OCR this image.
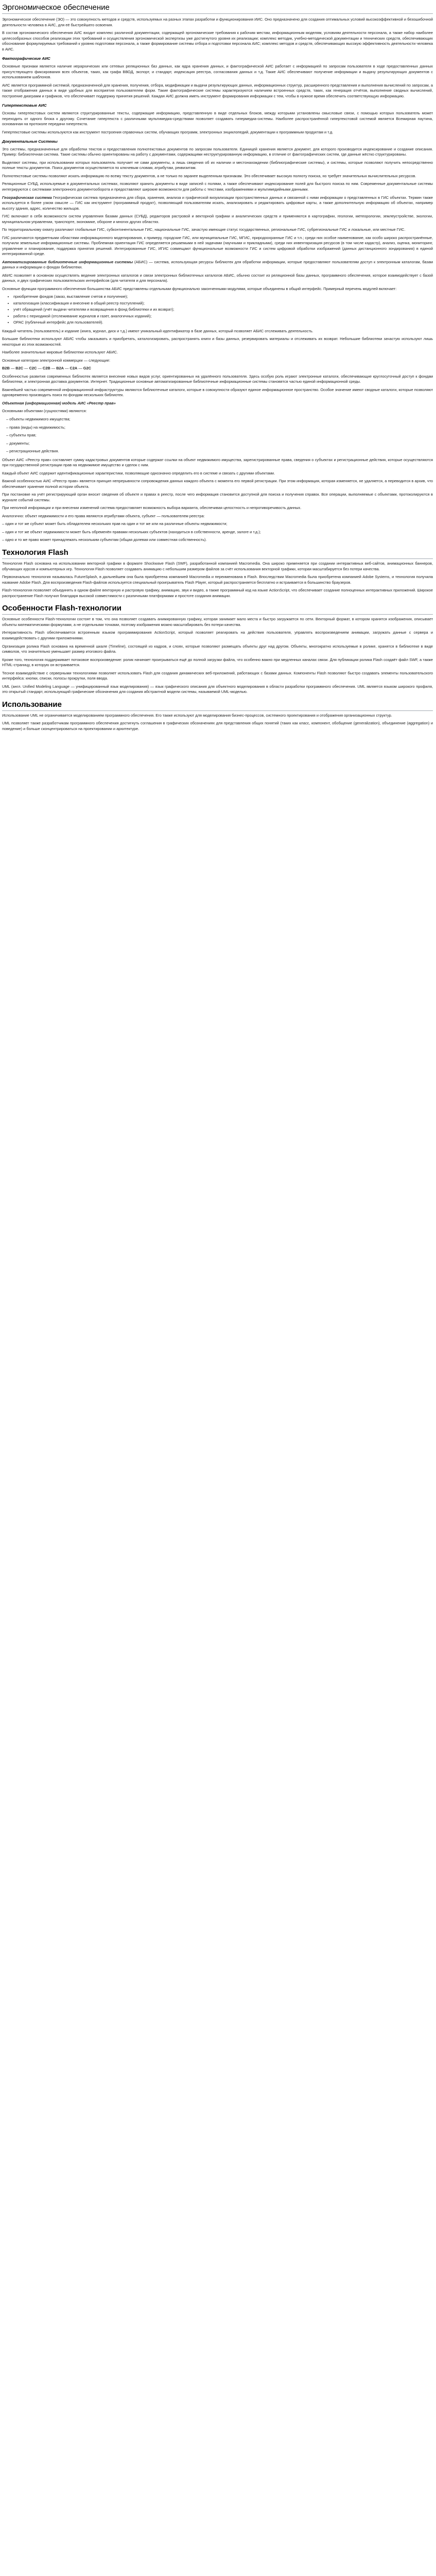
Эргономическое обеспечение

Эргономическое обеспечение (ЭО) — это совокупность методов и средств, используемых на разных этапах разработки и функционирования ИИС. Оно предназначено для создания оптимальных условий высокоэффективной и безошибочной деятельности человека в АИС, для её быстрейшего освоения.

В состав эргономического обеспечения АИС входит комплекс различной документации, содержащей эргономические требования к рабочим местам, информационным моделям, условиям деятельности персонала, а также набор наиболее целесообразных способов реализации этих требований и осуществления эргономической экспертизы уже достигнутого уровня их реализации; комплекс методик, учебно-методической документации и технических средств, обеспечивающих обоснование формулируемых требований к уровню подготовки персонала, а также формирование системы отбора и подготовки персонала АИС; комплекс методов и средств, обеспечивающих высокую эффективность деятельности человека в АИС.

Фактографические АИС

Основные признаки является наличие иерархических или сетевых реляционных баз данных, как ядра хранения данных, и фактографической АИС работает с информацией по запросам пользователя в ходе предоставленных данных присутствующего фиксирования всех объектов, таких, как графа ВВОД, экспорт, и стандарт, индексация реестра, согласования данных и т.д. Такие АИС обеспечивают получение информации и выдачу результирующих документов с использованием шаблонов.

АИС является программной системой, предназначенной для хранения, получения, отбора, модификации и выдачи результирующих данных, информационных структур, расширенного представления и выполнения вычислений по запросам, а также отображения данных в виде удобных для восприятия пользователем форм. Такие фактографические системы характеризуются наличием встроенных средств, таких, как генерация отчётов, выполнение сводных вычислений, построение диаграмм и графиков, что обеспечивает поддержку принятия решений. Каждая АИС должна иметь инструмент формирования информации с тем, чтобы в нужное время обеспечить соответствующую информацию.

Гипертекстовые АИС

Основы гипертекстовых систем являются структурированные тексты, содержащие информацию, представленную в виде отдельных блоков, между которыми установлены смысловые связи, с помощью которых пользователь может переходить от одного блока к другому. Сочетание гипертекста с различными мультимедиа-средствами позволяет создавать гипермедиа-системы. Наиболее распространённой гипертекстовой системой является Всемирная паутина, основанная на протоколе передачи гипертекста.

Гипертекстовые системы используются как инструмент построения справочных систем, обучающих программ, электронных энциклопедий, документации к программным продуктам и т.д.

Документальные Системы

Это системы, предназначенные для обработки текстов и предоставления полнотекстовых документов по запросам пользователя. Единицей хранения является документ, для которого производится индексирование и создание описания. Пример: библиотечная система. Такие системы обычно ориентированы на работу с документами, содержащими неструктурированную информацию, в отличие от фактографических систем, где данные жёстко структурированы.

Выделяют системы, при использовании которых пользователь получает не сами документы, а лишь сведения об их наличии и местонахождении (библиографические системы), и системы, которые позволяют получить непосредственно полные тексты документов. Поиск документов осуществляется по ключевым словам, атрибутам, реквизитам.

Полнотекстовые системы позволяют искать информацию по всему тексту документов, а не только по заранее выделенным признакам. Это обеспечивает высокую полноту поиска, но требует значительных вычислительных ресурсов.

Реляционные СУБД, используемые в документальных системах, позволяют хранить документы в виде записей с полями, а также обеспечивают индексирование полей для быстрого поиска по ним. Современные документальные системы интегрируются с системами электронного документооборота и предоставляют широкие возможности для работы с текстами, изображениями и мультимедийными данными.

Географическая система Географическая система предназначена для сбора, хранения, анализа и графической визуализации пространственных данных и связанной с ними информации о представленных в ГИС объектах. Термин также используется в более узком смысле — ГИС как инструмент (программный продукт), позволяющий пользователям искать, анализировать и редактировать цифровые карты, а также дополнительную информацию об объектах, например высоту здания, адрес, количество жильцов.

ГИС включают в себя возможности систем управления базами данных (СУБД), редакторов растровой и векторной графики и аналитических средств и применяются в картографии, геологии, метеорологии, землеустройстве, экологии, муниципальном управлении, транспорте, экономике, обороне и многих других областях.

По территориальному охвату различают глобальные ГИС, субконтинентальные ГИС, национальные ГИС, зачастую имеющие статус государственных, региональные ГИС, субрегиональные ГИС и локальные, или местные ГИС.

ГИС различаются предметными областями информационного моделирования, к примеру, городские ГИС, или муниципальные ГИС, МГИС, природоохранные ГИС и т.п.; среди них особое наименование, как особо широко распространённые, получили земельные информационные системы. Проблемная ориентация ГИС определяется решаемыми в ней задачами (научными и прикладными), среди них инвентаризация ресурсов (в том числе кадастр), анализ, оценка, мониторинг, управление и планирование, поддержка принятия решений. Интегрированные ГИС, ИГИС совмещают функциональные возможности ГИС и систем цифровой обработки изображений (данных дистанционного зондирования) в единой интегрированной среде.

Автоматизированные библиотечные информационные системы (АБИС) — система, использующая ресурсы библиотек для обработки информации, которые предоставляют пользователям доступ к электронным каталогам, базам данных и информации о фондах библиотеки.

АБИС позволяет в основном осуществлять ведение электронных каталогов и связи электронных библиотечных каталогов АБИС, обычно состоит из реляционной базы данных, программного обеспечения, которое взаимодействует с базой данных, и двух графических пользовательских интерфейсов (для читателя и для персонала).

Основные функции программного обеспечения большинства АБИС представлены отдельными функционально законченными модулями, которые объединены в общий интерфейс. Примерный перечень модулей включает:

• приобретение фондов (заказ, выставление счетов и получение);
• каталогизация (классификация и внесение в общий реестр поступлений);
• учёт обращений (учёт выдачи читателям и возвращения в фонд библиотеки и их возврат);
• работа с периодикой (отслеживание журналов и газет, аналогичных изданий);
• OPAC (публичный интерфейс для пользователей).

Каждый читатель (пользователь) и издание (книга, журнал, диск и т.д.) имеют уникальный идентификатор в базе данных, который позволяет АБИС отслеживать деятельность.

Большие библиотеки используют АБИС чтобы заказывать и приобретать, каталогизировать, распространять книги и базы данных, резервировать материалы и отслеживать их возврат. Небольшие библиотеки зачастую используют лишь некоторые из этих возможностей.

Наиболее значительные мировые библиотеки используют АБИС.

Основные категории электронной коммерции — следующие:

B2B — B2C — C2C — C2B — B2A — C2A — G2C

Особенностью развития современных библиотек является внесение новых видов услуг, ориентированных на удалённого пользователя. Здесь особую роль играют электронные каталоги, обеспечивающие круглосуточный доступ к фондам библиотеки, и электронная доставка документов. Интернет. Традиционные основные автоматизированные библиотечные информационные системы становятся частью единой информационной среды.

Важнейшей частью современной информационной инфраструктуры являются библиотечные каталоги, которые в совокупности образуют единое информационное пространство. Особое значение имеют сводные каталоги, которые позволяют одновременно производить поиск по фондам нескольких библиотек.

Объектная (информационная) модель АИС «Реестр прав»

Основными объектами (сущностями) являются:

– объекты недвижимого имущества;
– права (виды) на недвижимость;
– субъекты прав;
– документы;
– регистрационные действия.

Объект АИС «Реестр прав» составляет сумму кадастровых документов которые содержат ссылки на объект недвижимого имущества, зарегистрированные права, сведения о субъектах и регистрационные действия, которые осуществляются при государственной регистрации прав на недвижимое имущество и сделок с ним.

Каждый объект АИС содержит идентификационные характеристики, позволяющие однозначно определить его в системе и связать с другими объектами.

Важной особенностью АИС «Реестр прав» является принцип непрерывности сопровождения данных каждого объекта с момента его первой регистрации. При этом информация, которая изменяется, не удаляется, а переводится в архив, что обеспечивает хранение полной истории объекта.

При постановке на учёт регистрирующий орган вносит сведения об объекте и правах в реестр, после чего информация становится доступной для поиска и получения справок. Все операции, выполняемые с объектами, протоколируются в журнале событий системы.

При неполной информации и при внесении изменений система предоставляет возможность выбора варианта, обеспечивая целостность и непротиворечивость данных.

Аналогично: объект недвижимости и его права являются атрибутами объекта, субъект — пользователем реестра:

– один и тот же субъект может быть обладателем нескольких прав на один и тот же или на различные объекты недвижимости;

– один и тот же объект недвижимости может быть обременён правами нескольких субъектов (находиться в собственности, аренде, залоге и т.д.);

– одно и то же право может принадлежать нескольким субъектам (общая долевая или совместная собственность).

Технология Flash

Технология Flash основана на использовании векторной графики в формате Shockwave Flash (SWF), разработанной компанией Macromedia. Она широко применяется при создании интерактивных веб-сайтов, анимационных баннеров, обучающих курсов и компьютерных игр. Технология Flash позволяет создавать анимацию с небольшим размером файлов за счёт использования векторной графики, которая масштабируется без потери качества.

Первоначально технология называлась FutureSplash, в дальнейшем она была приобретена компанией Macromedia и переименована в Flash. Впоследствии Macromedia была приобретена компанией Adobe Systems, и технология получила название Adobe Flash. Для воспроизведения Flash-файлов используется специальный проигрыватель Flash Player, который распространяется бесплатно и встраивается в большинство браузеров.

Flash-технология позволяет объединять в одном файле векторную и растровую графику, анимацию, звук и видео, а также программный код на языке ActionScript, что обеспечивает создание полноценных интерактивных приложений. Широкое распространение Flash получил благодаря высокой совместимости с различными платформами и простоте создания анимации.

Особенности Flash-технологии

Основные особенности Flash-технологии состоят в том, что она позволяет создавать анимированную графику, которая занимает мало места и быстро загружается по сети. Векторный формат, в котором хранятся изображения, описывает объекты математическими формулами, а не отдельными точками, поэтому изображения можно масштабировать без потери качества.

Интерактивность Flash обеспечивается встроенным языком программирования ActionScript, который позволяет реагировать на действия пользователя, управлять воспроизведением анимации, загружать данные с сервера и взаимодействовать с другими приложениями.

Организация ролика Flash основана на временной шкале (Timeline), состоящей из кадров, и слоях, которые позволяют размещать объекты друг над другом. Объекты, многократно используемые в ролике, хранятся в библиотеке в виде символов, что значительно уменьшает размер итогового файла.

Кроме того, технология поддерживает потоковое воспроизведение: ролик начинает проигрываться ещё до полной загрузки файла, что особенно важно при медленных каналах связи. Для публикации ролика Flash создаёт файл SWF, а также HTML-страницу, в которую он встраивается.

Тесное взаимодействие с серверными технологиями позволяет использовать Flash для создания динамических веб-приложений, работающих с базами данных. Компоненты Flash позволяют быстро создавать элементы пользовательского интерфейса: кнопки, списки, полосы прокрутки, поля ввода.

UML (англ. Unified Modeling Language — унифицированный язык моделирования) — язык графического описания для объектного моделирования в области разработки программного обеспечения. UML является языком широкого профиля, это открытый стандарт, использующий графические обозначения для создания абстрактной модели системы, называемой UML-моделью.

Использование

Использование UML не ограничивается моделированием программного обеспечения. Его также используют для моделирования бизнес-процессов, системного проектирования и отображения организационных структур.

UML позволяет также разработчикам программного обеспечения достигнуть соглашения в графических обозначениях для представления общих понятий (таких как класс, компонент, обобщение (generalization), объединение (aggregation) и поведение) и больше сконцентрироваться на проектировании и архитектуре.
